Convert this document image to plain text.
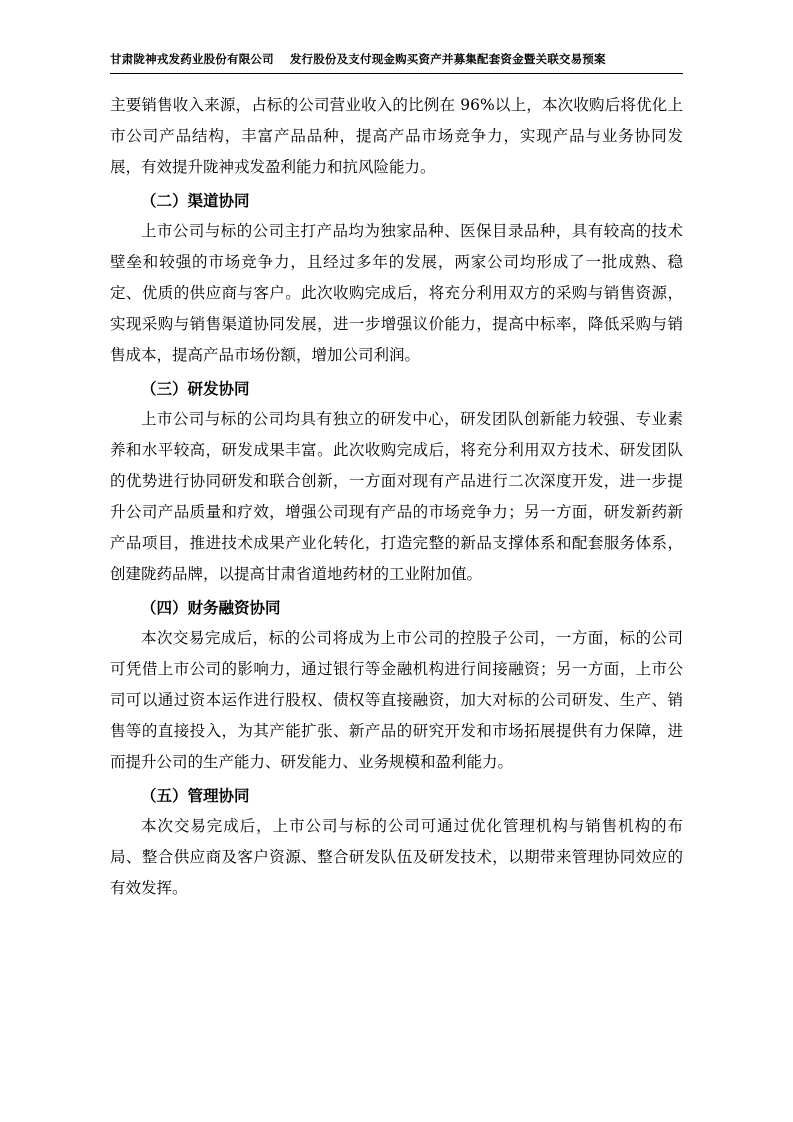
甘肃陇神戎发药业股份有限公司 发行股份及支付现金购买资产并募集配套资金暨关联交易预案

主要销售收入来源，占标的公司营业收入的比例在 96%以上，本次收购后将优化上市公司产品结构，丰富产品品种，提高产品市场竞争力，实现产品与业务协同发展，有效提升陇神戎发盈利能力和抗风险能力。

（二）渠道协同

上市公司与标的公司主打产品均为独家品种、医保目录品种，具有较高的技术壁垒和较强的市场竞争力，且经过多年的发展，两家公司均形成了一批成熟、稳定、优质的供应商与客户。此次收购完成后，将充分利用双方的采购与销售资源，实现采购与销售渠道协同发展，进一步增强议价能力，提高中标率，降低采购与销售成本，提高产品市场份额，增加公司利润。

（三）研发协同

上市公司与标的公司均具有独立的研发中心，研发团队创新能力较强、专业素养和水平较高，研发成果丰富。此次收购完成后，将充分利用双方技术、研发团队的优势进行协同研发和联合创新，一方面对现有产品进行二次深度开发，进一步提升公司产品质量和疗效，增强公司现有产品的市场竞争力；另一方面，研发新药新产品项目，推进技术成果产业化转化，打造完整的新品支撑体系和配套服务体系，创建陇药品牌，以提高甘肃省道地药材的工业附加值。

（四）财务融资协同

本次交易完成后，标的公司将成为上市公司的控股子公司，一方面，标的公司可凭借上市公司的影响力，通过银行等金融机构进行间接融资；另一方面，上市公司可以通过资本运作进行股权、债权等直接融资，加大对标的公司研发、生产、销售等的直接投入，为其产能扩张、新产品的研究开发和市场拓展提供有力保障，进而提升公司的生产能力、研发能力、业务规模和盈利能力。

（五）管理协同

本次交易完成后，上市公司与标的公司可通过优化管理机构与销售机构的布局、整合供应商及客户资源、整合研发队伍及研发技术，以期带来管理协同效应的有效发挥。
